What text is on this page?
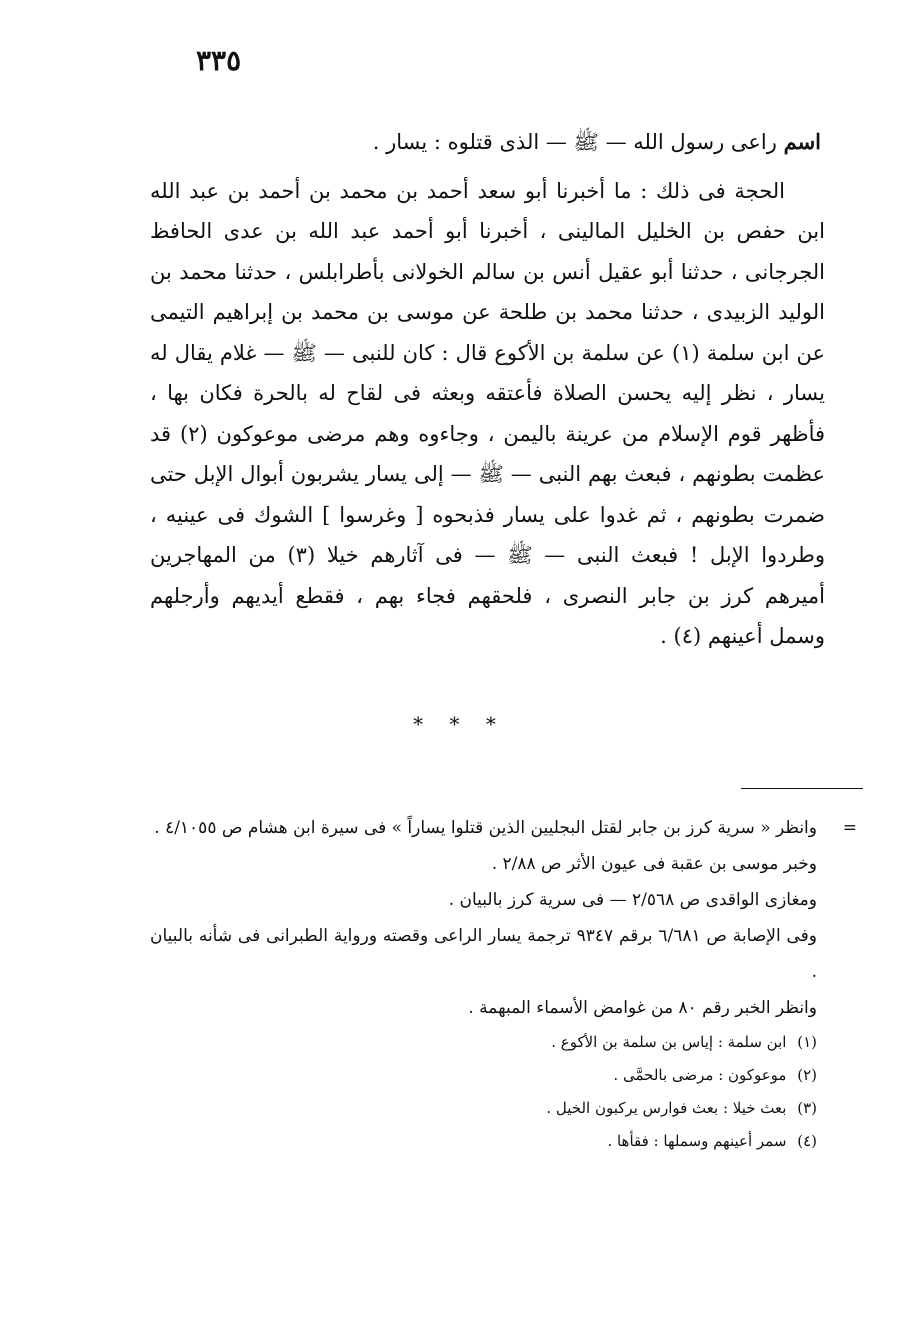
٣٣٥

اسم راعى رسول الله — ﷺ — الذى قتلوه : يسار .

الحجة فى ذلك : ما أخبرنا أبو سعد أحمد بن محمد بن أحمد بن عبد الله ابن حفص بن الخليل المالينى ، أخبرنا أبو أحمد عبد الله بن عدى الحافظ الجرجانى ، حدثنا أبو عقيل أنس بن سالم الخولانى بأطرابلس ، حدثنا محمد بن الوليد الزبيدى ، حدثنا محمد بن طلحة عن موسى بن محمد بن إبراهيم التيمى عن ابن سلمة (١) عن سلمة بن الأكوع قال : كان للنبى — ﷺ — غلام يقال له يسار ، نظر إليه يحسن الصلاة فأعتقه وبعثه فى لقاح له بالحرة فكان بها ، فأظهر قوم الإسلام من عرينة باليمن ، وجاءوه وهم مرضى موعوكون (٢) قد عظمت بطونهم ، فبعث بهم النبى — ﷺ — إلى يسار يشربون أبوال الإبل حتى ضمرت بطونهم ، ثم غدوا على يسار فذبحوه [ وغرسوا ] الشوك فى عينيه ، وطردوا الإبل ! فبعث النبى — ﷺ — فى آثارهم خيلا (٣) من المهاجرين أميرهم كرز بن جابر النصرى ، فلحقهم فجاء بهم ، فقطع أيديهم وأرجلهم وسمل أعينهم (٤) .

* * *

=
وانظر « سرية كرز بن جابر لقتل البجليين الذين قتلوا يساراً » فى سيرة ابن هشام ص ٤/١٠٥٥ .

وخبر موسى بن عقبة فى عيون الأثر ص ٢/٨٨ .

ومغازى الواقدى ص ٢/٥٦٨ — فى سرية كرز بالبيان .

وفى الإصابة ص ٦/٦٨١ برقم ٩٣٤٧ ترجمة يسار الراعى وقصته ورواية الطبرانى فى شأنه بالبيان .

وانظر الخبر رقم ٨٠ من غوامض الأسماء المبهمة .

(١) ابن سلمة : إياس بن سلمة بن الأكوع .

(٢) موعوكون : مرضى بالحمَّى .

(٣) بعث خيلا : بعث فوارس يركبون الخيل .

(٤) سمر أعينهم وسملها : فقأها .
